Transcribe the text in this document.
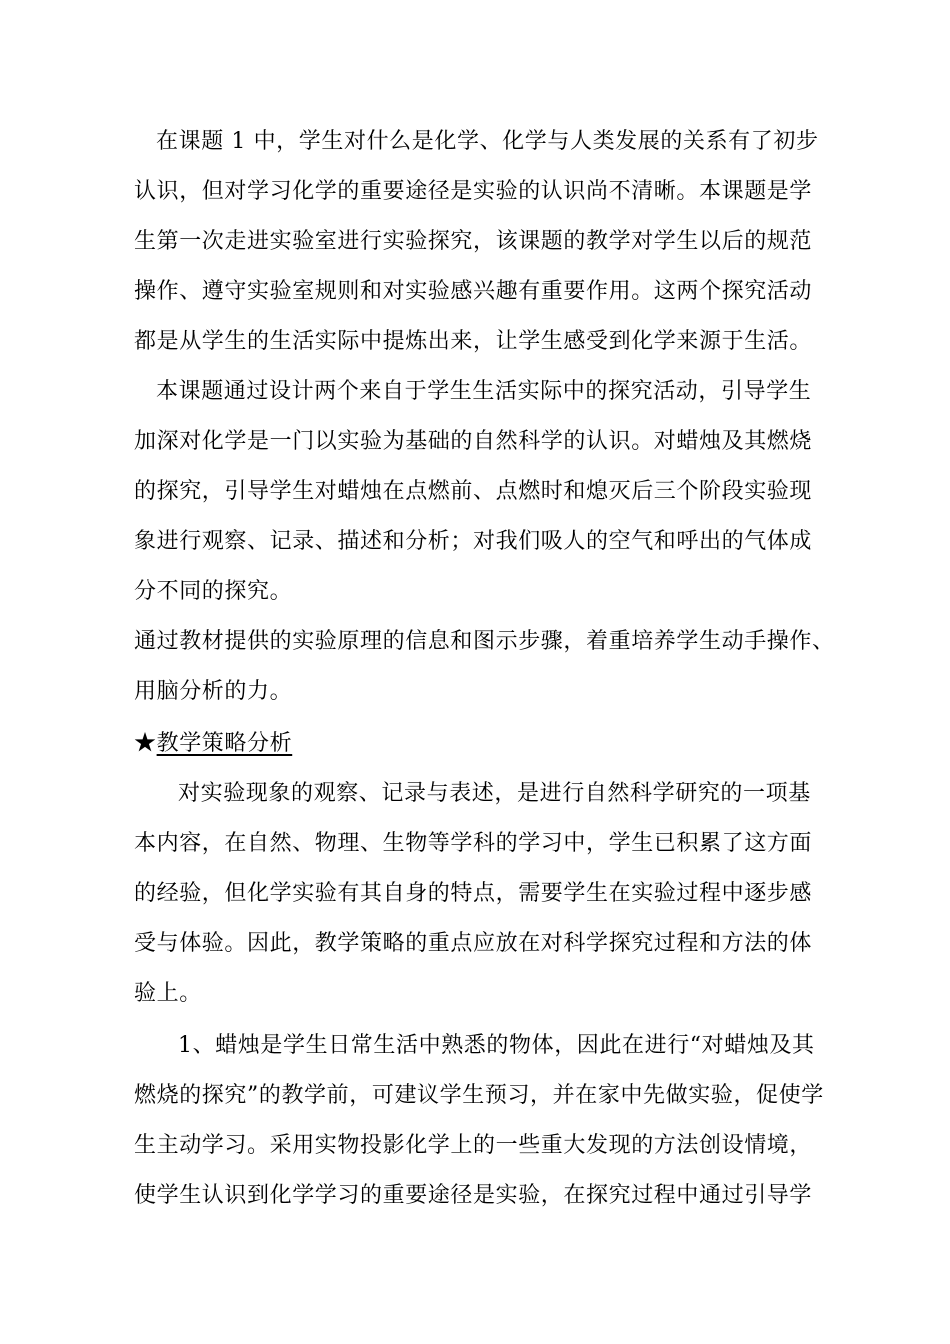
在课题 1 中，学生对什么是化学、化学与人类发展的关系有了初步
认识，但对学习化学的重要途径是实验的认识尚不清晰。本课题是学
生第一次走进实验室进行实验探究，该课题的教学对学生以后的规范
操作、遵守实验室规则和对实验感兴趣有重要作用。这两个探究活动
都是从学生的生活实际中提炼出来，让学生感受到化学来源于生活。
本课题通过设计两个来自于学生生活实际中的探究活动，引导学生
加深对化学是一门以实验为基础的自然科学的认识。对蜡烛及其燃烧
的探究，引导学生对蜡烛在点燃前、点燃时和熄灭后三个阶段实验现
象进行观察、记录、描述和分析；对我们吸人的空气和呼出的气体成
分不同的探究。
通过教材提供的实验原理的信息和图示步骤，着重培养学生动手操作、
用脑分析的力。
★教学策略分析
对实验现象的观察、记录与表述，是进行自然科学研究的一项基
本内容，在自然、物理、生物等学科的学习中，学生已积累了这方面
的经验，但化学实验有其自身的特点，需要学生在实验过程中逐步感
受与体验。因此，教学策略的重点应放在对科学探究过程和方法的体
验上。
1、蜡烛是学生日常生活中熟悉的物体，因此在进行“对蜡烛及其
燃烧的探究”的教学前，可建议学生预习，并在家中先做实验，促使学
生主动学习。采用实物投影化学上的一些重大发现的方法创设情境，
使学生认识到化学学习的重要途径是实验，在探究过程中通过引导学
